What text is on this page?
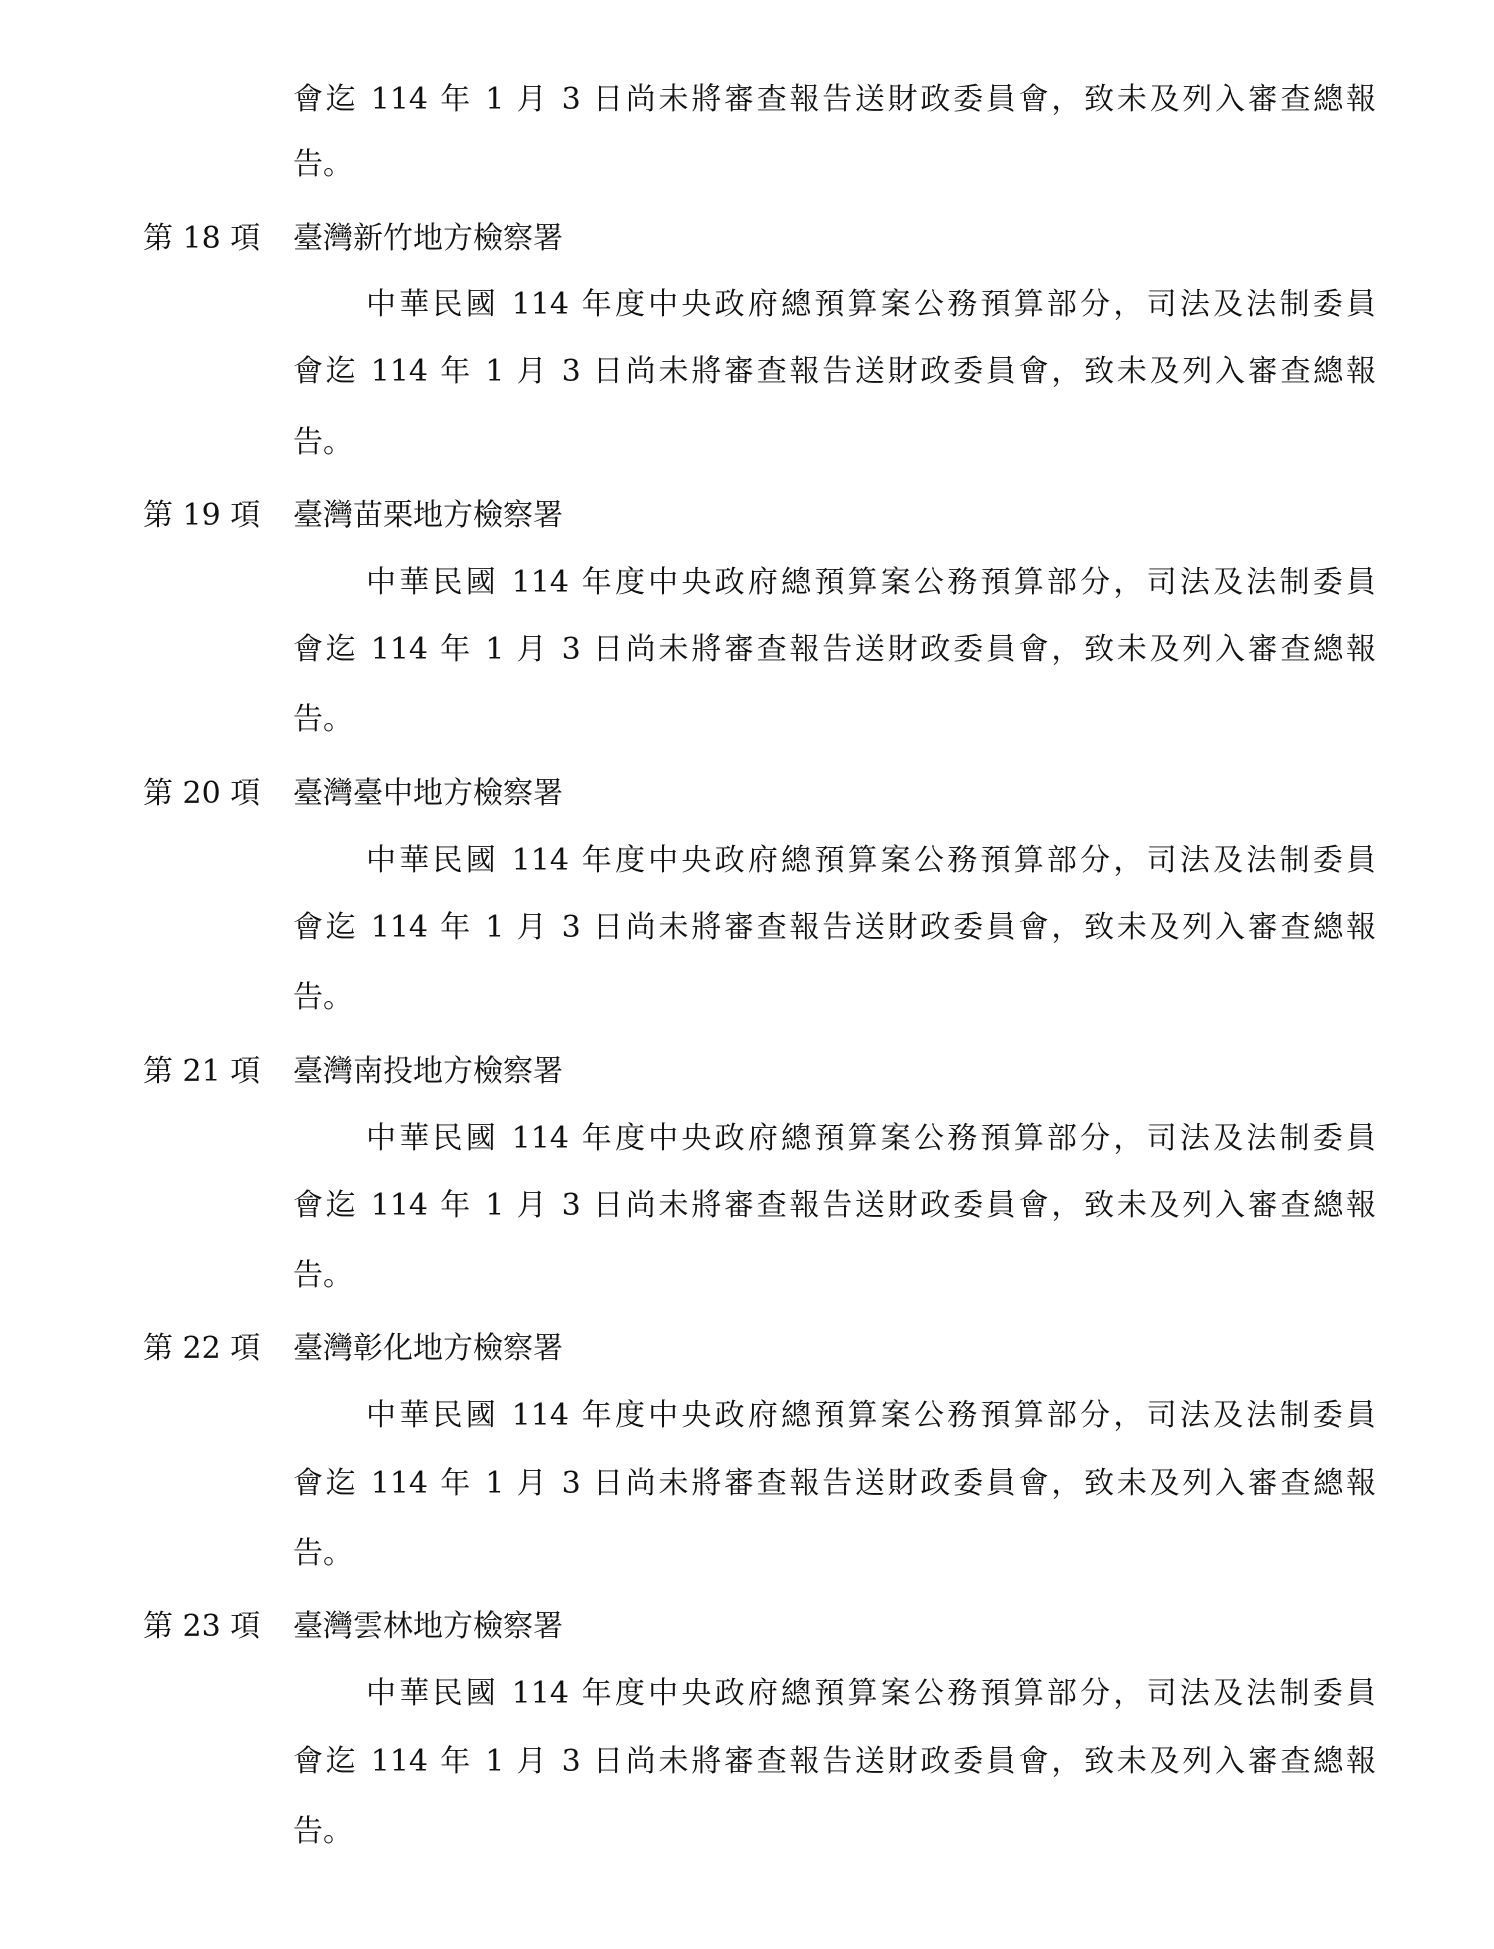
會迄 114 年 1 月 3 日尚未將審查報告送財政委員會，致未及列入審查總報
告。
第 18 項 臺灣新竹地方檢察署
中華民國 114 年度中央政府總預算案公務預算部分，司法及法制委員
會迄 114 年 1 月 3 日尚未將審查報告送財政委員會，致未及列入審查總報
告。
第 19 項 臺灣苗栗地方檢察署
中華民國 114 年度中央政府總預算案公務預算部分，司法及法制委員
會迄 114 年 1 月 3 日尚未將審查報告送財政委員會，致未及列入審查總報
告。
第 20 項 臺灣臺中地方檢察署
中華民國 114 年度中央政府總預算案公務預算部分，司法及法制委員
會迄 114 年 1 月 3 日尚未將審查報告送財政委員會，致未及列入審查總報
告。
第 21 項 臺灣南投地方檢察署
中華民國 114 年度中央政府總預算案公務預算部分，司法及法制委員
會迄 114 年 1 月 3 日尚未將審查報告送財政委員會，致未及列入審查總報
告。
第 22 項 臺灣彰化地方檢察署
中華民國 114 年度中央政府總預算案公務預算部分，司法及法制委員
會迄 114 年 1 月 3 日尚未將審查報告送財政委員會，致未及列入審查總報
告。
第 23 項 臺灣雲林地方檢察署
中華民國 114 年度中央政府總預算案公務預算部分，司法及法制委員
會迄 114 年 1 月 3 日尚未將審查報告送財政委員會，致未及列入審查總報
告。
